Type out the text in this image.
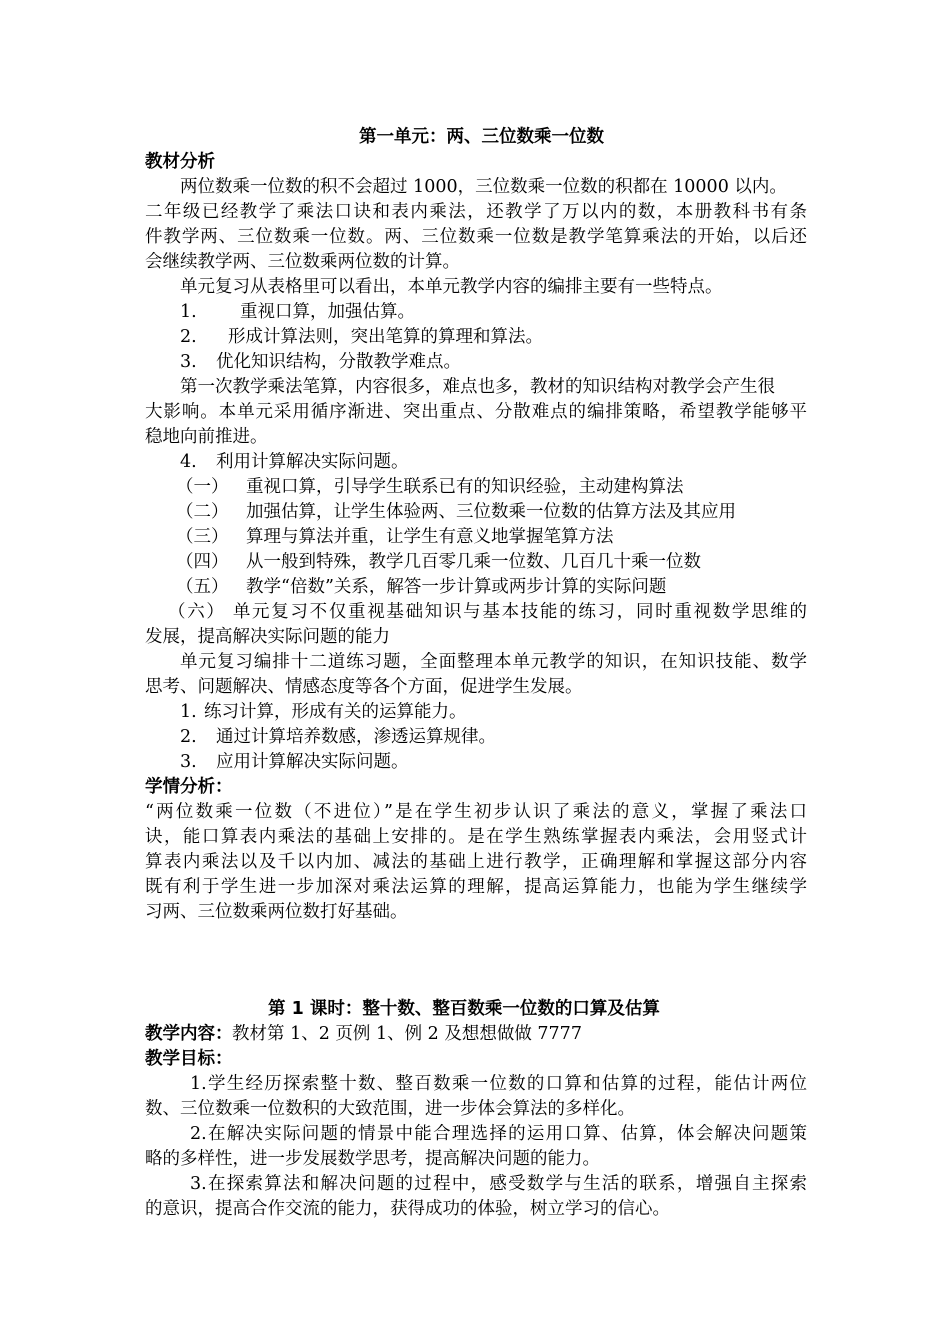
第一单元：两、三位数乘一位数
教材分析
两位数乘一位数的积不会超过 1000，三位数乘一位数的积都在 10000 以内。
二年级已经教学了乘法口诀和表内乘法，还教学了万以内的数，本册教科书有条
件教学两、三位数乘一位数。两、三位数乘一位数是教学笔算乘法的开始，以后还
会继续教学两、三位数乘两位数的计算。
单元复习从表格里可以看出，本单元教学内容的编排主要有一些特点。
1. 重视口算，加强估算。
2. 形成计算法则，突出笔算的算理和算法。
3. 优化知识结构，分散教学难点。
第一次教学乘法笔算，内容很多，难点也多，教材的知识结构对教学会产生很
大影响。本单元采用循序渐进、突出重点、分散难点的编排策略，希望教学能够平
稳地向前推进。
4. 利用计算解决实际问题。
（一） 重视口算，引导学生联系已有的知识经验，主动建构算法
（二） 加强估算，让学生体验两、三位数乘一位数的估算方法及其应用
（三） 算理与算法并重，让学生有意义地掌握笔算方法
（四） 从一般到特殊，教学几百零几乘一位数、几百几十乘一位数
（五） 教学“倍数”关系，解答一步计算或两步计算的实际问题
（六） 单元复习不仅重视基础知识与基本技能的练习，同时重视数学思维的
发展，提高解决实际问题的能力
单元复习编排十二道练习题，全面整理本单元教学的知识，在知识技能、数学
思考、问题解决、情感态度等各个方面，促进学生发展。
1. 练习计算，形成有关的运算能力。
2. 通过计算培养数感，渗透运算规律。
3. 应用计算解决实际问题。
学情分析：
“两位数乘一位数（不进位）”是在学生初步认识了乘法的意义，掌握了乘法口
诀，能口算表内乘法的基础上安排的。是在学生熟练掌握表内乘法，会用竖式计
算表内乘法以及千以内加、减法的基础上进行教学，正确理解和掌握这部分内容
既有利于学生进一步加深对乘法运算的理解，提高运算能力，也能为学生继续学
习两、三位数乘两位数打好基础。
第 1 课时：整十数、整百数乘一位数的口算及估算
教学内容： 教材第 1、2 页例 1、例 2 及想想做做 7777
教学目标：
1.学生经历探索整十数、整百数乘一位数的口算和估算的过程，能估计两位
数、三位数乘一位数积的大致范围，进一步体会算法的多样化。
2.在解决实际问题的情景中能合理选择的运用口算、估算，体会解决问题策
略的多样性，进一步发展数学思考，提高解决问题的能力。
3.在探索算法和解决问题的过程中，感受数学与生活的联系，增强自主探索
的意识，提高合作交流的能力，获得成功的体验，树立学习的信心。
